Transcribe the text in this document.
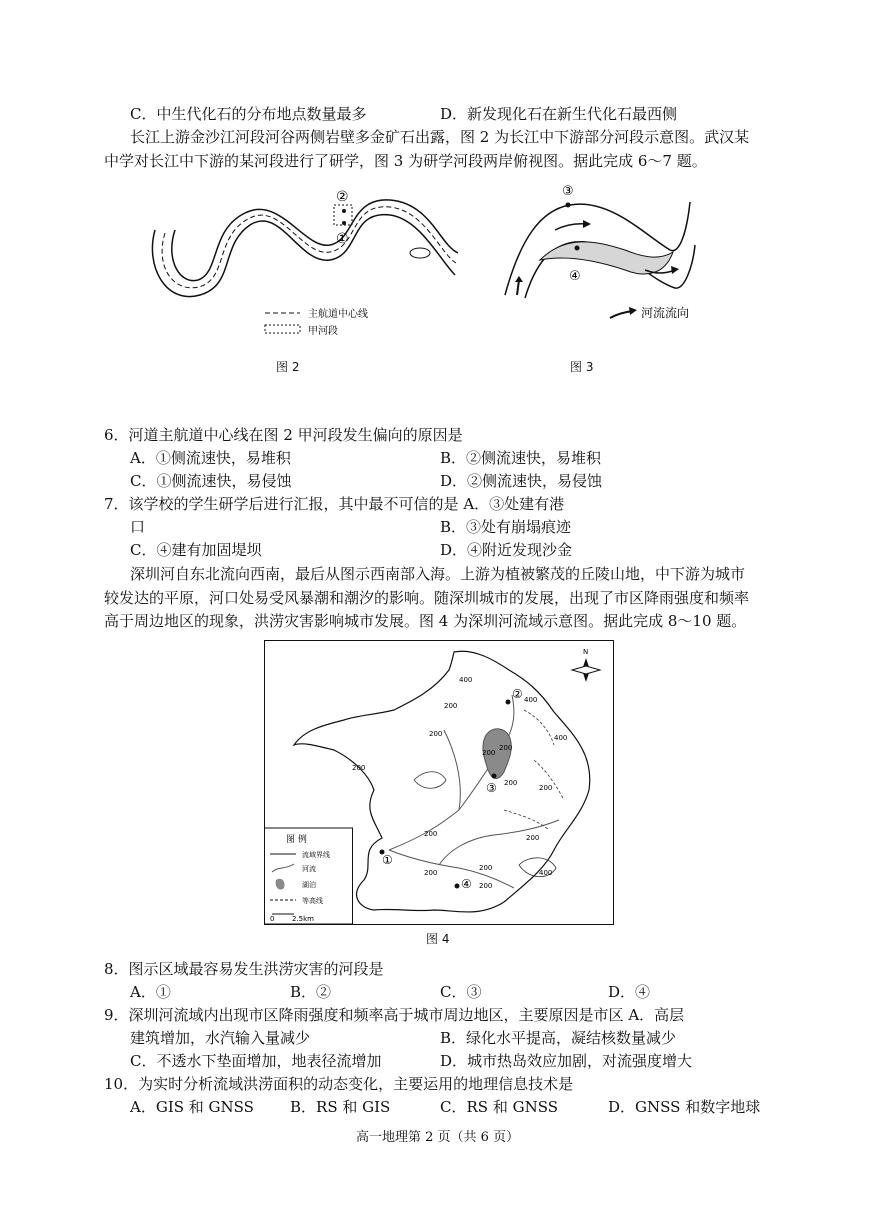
C．中生代化石的分布地点数量最多	D．新发现化石在新生代化石最西侧
长江上游金沙江河段河谷两侧岩壁多金矿石出露，图 2 为长江中下游部分河段示意图。武汉某
中学对长江中下游的某河段进行了研学，图 3 为研学河段两岸俯视图。据此完成 6～7 题。
②
①
主航道中心线
甲河段
图 2
③
④
河流流向
图 3
6．河道主航道中心线在图 2 甲河段发生偏向的原因是
A．①侧流速快，易堆积	B．②侧流速快，易堆积
C．①侧流速快，易侵蚀	D．②侧流速快，易侵蚀
7．该学校的学生研学后进行汇报，其中最不可信的是 A．③处建有港
口	B．③处有崩塌痕迹
C．④建有加固堤坝	D．④附近发现沙金
深圳河自东北流向西南，最后从图示西南部入海。上游为植被繁茂的丘陵山地，中下游为城市
较发达的平原，河口处易受风暴潮和潮汐的影响。随深圳城市的发展，出现了市区降雨强度和频率
高于周边地区的现象，洪涝灾害影响城市发展。图 4 为深圳河流域示意图。据此完成 8～10 题。
②
③
①
④
400
400
400
400
200
200
200
200
200
200
200
200
200
200
200
200
N
图 例
流域界线
河流
湖泊
等高线
0	2.5km
图 4
8．图示区域最容易发生洪涝灾害的河段是
A．①	B．②	C．③	D．④
9．深圳河流域内出现市区降雨强度和频率高于城市周边地区，主要原因是市区 A．高层
建筑增加，水汽输入量减少	B．绿化水平提高，凝结核数量减少
C．不透水下垫面增加，地表径流增加	D．城市热岛效应加剧，对流强度增大
10．为实时分析流域洪涝面积的动态变化，主要运用的地理信息技术是
A．GIS 和 GNSS B．RS 和 GIS	C．RS 和 GNSS	D．GNSS 和数字地球
高一地理第 2 页（共 6 页）
